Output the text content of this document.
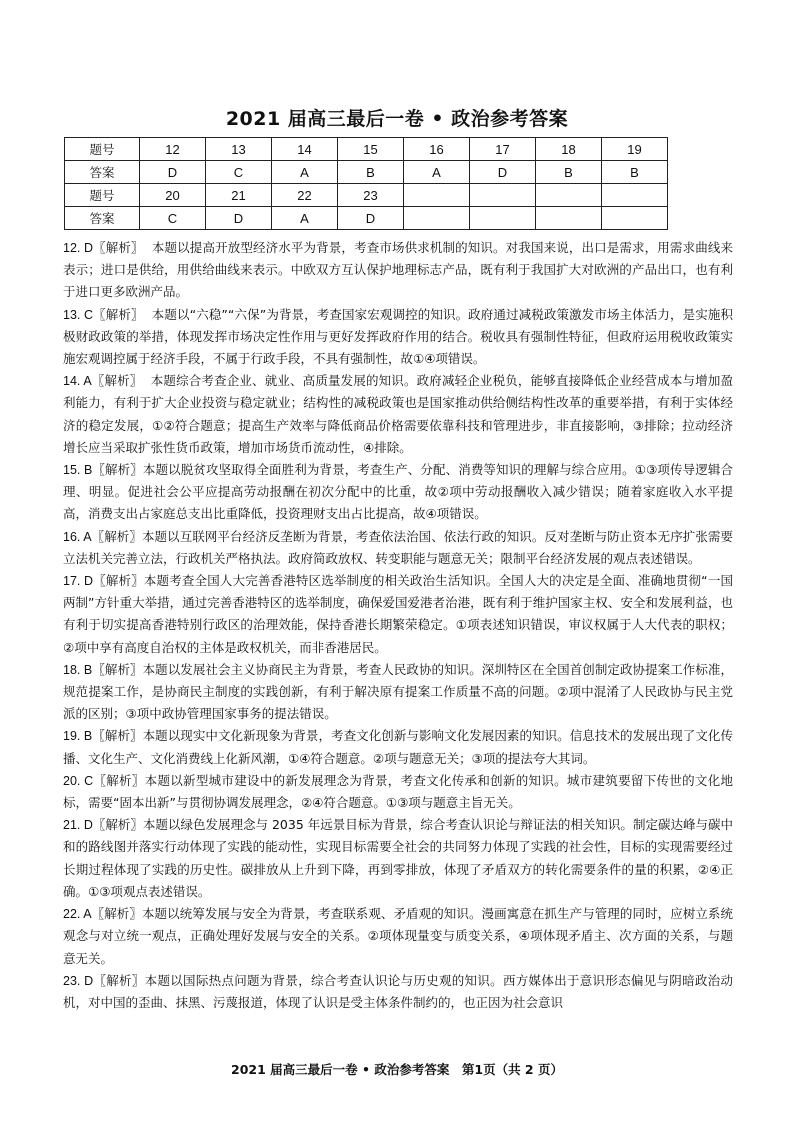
2021 届高三最后一卷 • 政治参考答案
题号	12	13	14	15	16	17	18	19
答案	D	C	A	B	A	D	B	B
题号	20	21	22	23				
答案	C	D	A	D				

12. D〖解析〗 本题以提高开放型经济水平为背景，考查市场供求机制的知识。对我国来说，出口是需求，用需求曲线来表示；进口是供给，用供给曲线来表示。中欧双方互认保护地理标志产品，既有利于我国扩大对欧洲的产品出口，也有利于进口更多欧洲产品。

13. C〖解析〗 本题以“六稳”“六保”为背景，考查国家宏观调控的知识。政府通过减税政策激发市场主体活力，是实施积极财政政策的举措，体现发挥市场决定性作用与更好发挥政府作用的结合。税收具有强制性特征，但政府运用税收政策实施宏观调控属于经济手段，不属于行政手段，不具有强制性，故①④项错误。

14. A〖解析〗 本题综合考查企业、就业、高质量发展的知识。政府减轻企业税负，能够直接降低企业经营成本与增加盈利能力，有利于扩大企业投资与稳定就业；结构性的减税政策也是国家推动供给侧结构性改革的重要举措，有利于实体经济的稳定发展，①②符合题意；提高生产效率与降低商品价格需要依靠科技和管理进步，非直接影响，③排除；拉动经济增长应当采取扩张性货币政策，增加市场货币流动性，④排除。

15. B〖解析〗本题以脱贫攻坚取得全面胜利为背景，考查生产、分配、消费等知识的理解与综合应用。①③项传导逻辑合理、明显。促进社会公平应提高劳动报酬在初次分配中的比重，故②项中劳动报酬收入减少错误；随着家庭收入水平提高，消费支出占家庭总支出比重降低，投资理财支出占比提高，故④项错误。

16. A〖解析〗本题以互联网平台经济反垄断为背景，考查依法治国、依法行政的知识。反对垄断与防止资本无序扩张需要立法机关完善立法，行政机关严格执法。政府简政放权、转变职能与题意无关；限制平台经济发展的观点表述错误。

17. D〖解析〗本题考查全国人大完善香港特区选举制度的相关政治生活知识。全国人大的决定是全面、准确地贯彻“一国两制”方针重大举措，通过完善香港特区的选举制度，确保爱国爱港者治港，既有利于维护国家主权、安全和发展利益，也有利于切实提高香港特别行政区的治理效能，保持香港长期繁荣稳定。①项表述知识错误，审议权属于人大代表的职权；②项中享有高度自治权的主体是政权机关，而非香港居民。

18. B〖解析〗本题以发展社会主义协商民主为背景，考查人民政协的知识。深圳特区在全国首创制定政协提案工作标准，规范提案工作，是协商民主制度的实践创新，有利于解决原有提案工作质量不高的问题。②项中混淆了人民政协与民主党派的区别；③项中政协管理国家事务的提法错误。

19. B〖解析〗本题以现实中文化新现象为背景，考查文化创新与影响文化发展因素的知识。信息技术的发展出现了文化传播、文化生产、文化消费线上化新风潮，①④符合题意。②项与题意无关；③项的提法夸大其词。

20. C〖解析〗本题以新型城市建设中的新发展理念为背景，考查文化传承和创新的知识。城市建筑要留下传世的文化地标，需要“固本出新”与贯彻协调发展理念，②④符合题意。①③项与题意主旨无关。

21. D〖解析〗本题以绿色发展理念与 2035 年远景目标为背景，综合考查认识论与辩证法的相关知识。制定碳达峰与碳中和的路线图并落实行动体现了实践的能动性，实现目标需要全社会的共同努力体现了实践的社会性，目标的实现需要经过长期过程体现了实践的历史性。碳排放从上升到下降，再到零排放，体现了矛盾双方的转化需要条件的量的积累，②④正确。①③项观点表述错误。

22. A〖解析〗本题以统筹发展与安全为背景，考查联系观、矛盾观的知识。漫画寓意在抓生产与管理的同时，应树立系统观念与对立统一观点，正确处理好发展与安全的关系。②项体现量变与质变关系，④项体现矛盾主、次方面的关系，与题意无关。

23. D〖解析〗本题以国际热点问题为背景，综合考查认识论与历史观的知识。西方媒体出于意识形态偏见与阴暗政治动机，对中国的歪曲、抹黑、污蔑报道，体现了认识是受主体条件制约的，也正因为社会意识

2021 届高三最后一卷 • 政治参考答案　第1页（共 2 页）
